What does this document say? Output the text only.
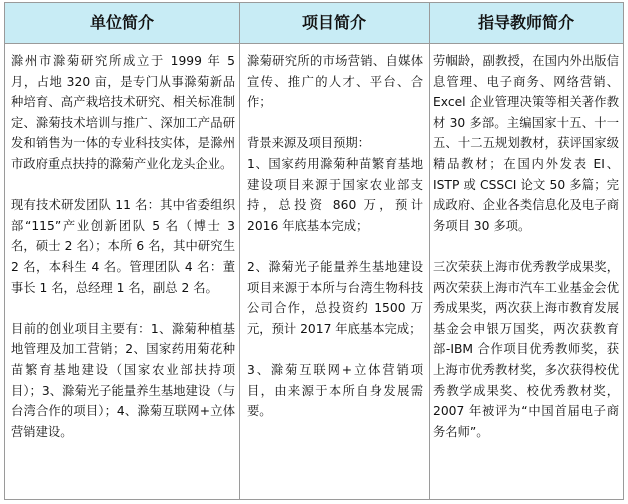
单位简介	项目简介	指导教师简介

滁州市滁菊研究所成立于 1999 年 5 月，占地 320 亩，是专门从事滁菊新品种培育、高产栽培技术研究、相关标准制定、滁菊技术培训与推广、深加工产品研发和销售为一体的专业科技实体，是滁州市政府重点扶持的滁菊产业化龙头企业。

现有技术研发团队 11 名：其中省委组织部“115”产业创新团队 5 名（博士 3 名，硕士 2 名）；本所 6 名，其中研究生 2 名，本科生 4 名。管理团队 4 名：董事长 1 名，总经理 1 名，副总 2 名。

目前的创业项目主要有：1、滁菊种植基地管理及加工营销；2、国家药用菊花种苗繁育基地建设（国家农业部扶持项目）；3、滁菊光子能量养生基地建设（与台湾合作的项目）；4、滁菊互联网+立体营销建设。

滁菊研究所的市场营销、自媒体宣传、推广的人才、平台、合作；

背景来源及项目预期：

1、国家药用滁菊种苗繁育基地建设项目来源于国家农业部支持，总投资 860 万，预计 2016 年底基本完成；

2、滁菊光子能量养生基地建设项目来源于本所与台湾生物科技公司合作，总投资约 1500 万元，预计 2017 年底基本完成；

3、滁菊互联网+立体营销项目，由来源于本所自身发展需要。

劳帼龄，副教授，在国内外出版信息管理、电子商务、网络营销、Excel 企业管理决策等相关著作教材 30 多部。主编国家十五、十一五、十二五规划教材，获评国家级精品教材；在国内外发表 EI、ISTP 或 CSSCI 论文 50 多篇；完成政府、企业各类信息化及电子商务项目 30 多项。

三次荣获上海市优秀教学成果奖，两次荣获上海市汽车工业基金会优秀成果奖，两次获上海市教育发展基金会申银万国奖，两次获教育部-IBM 合作项目优秀教师奖，获上海市优秀教材奖，多次获得校优秀教学成果奖、校优秀教材奖，2007 年被评为“中国首届电子商务名师”。
